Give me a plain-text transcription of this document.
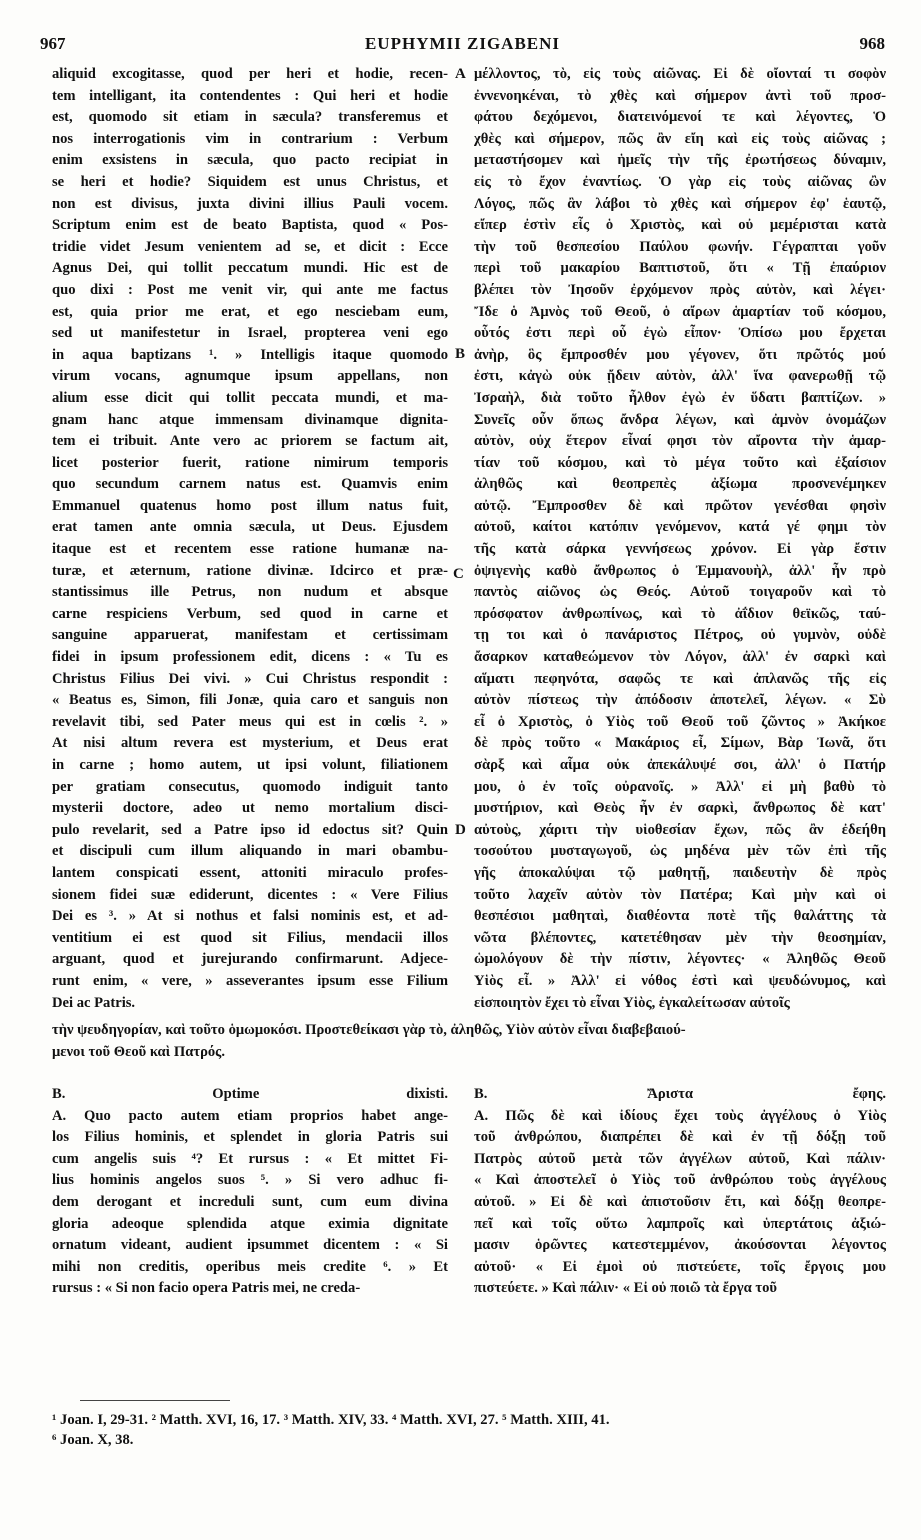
967	EUPHYMII ZIGABENI	968
aliquid excogitasse, quod per heri et hodie, recen-
tem intelligant, ita contendentes : Qui heri et hodie
est, quomodo sit etiam in sæcula? transferemus et
nos interrogationis vim in contrarium : Verbum
enim exsistens in sæcula, quo pacto recipiat in
se heri et hodie? Siquidem est unus Christus, et
non est divisus, juxta divini illius Pauli vocem.
Scriptum enim est de beato Baptista, quod « Pos-
tridie videt Jesum venientem ad se, et dicit : Ecce
Agnus Dei, qui tollit peccatum mundi. Hic est de
quo dixi : Post me venit vir, qui ante me factus
est, quia prior me erat, et ego nesciebam eum,
sed ut manifestetur in Israel, propterea veni ego
in aqua baptizans ¹. » Intelligis itaque quomodo
virum vocans, agnumque ipsum appellans, non
alium esse dicit qui tollit peccata mundi, et ma-
gnam hanc atque immensam divinamque dignita-
tem ei tribuit. Ante vero ac priorem se factum ait,
licet posterior fuerit, ratione nimirum temporis
quo secundum carnem natus est. Quamvis enim
Emmanuel quatenus homo post illum natus fuit,
erat tamen ante omnia sæcula, ut Deus. Ejusdem
itaque est et recentem esse ratione humanæ na-
turæ, et æternum, ratione divinæ. Idcirco et præ-
stantissimus ille Petrus, non nudum et absque
carne respiciens Verbum, sed quod in carne et
sanguine apparuerat, manifestam et certissimam
fidei in ipsum professionem edit, dicens : « Tu es
Christus Filius Dei vivi. » Cui Christus respondit :
« Beatus es, Simon, fili Jonæ, quia caro et sanguis non
revelavit tibi, sed Pater meus qui est in cœlis ². »
At nisi altum revera est mysterium, et Deus erat
in carne ; homo autem, ut ipsi volunt, filiationem
per gratiam consecutus, quomodo indiguit tanto
mysterii doctore, adeo ut nemo mortalium disci-
pulo revelarit, sed a Patre ipso id edoctus sit? Quin
et discipuli cum illum aliquando in mari obambu-
lantem conspicati essent, attoniti miraculo profes-
sionem fidei suæ ediderunt, dicentes : « Vere Filius
Dei es ³. » At si nothus et falsi nominis est, et ad-
ventitium ei est quod sit Filius, mendacii illos
arguant, quod et jurejurando confirmarunt. Adjece-
runt enim, « vere, » asseverantes ipsum esse Filium
Dei ac Patris.
μέλλοντος, τὸ, εἰς τοὺς αἰῶνας. Εἰ δὲ οἴονταί τι σοφὸν
ἐννενοηκέναι, τὸ χθὲς καὶ σήμερον ἀντὶ τοῦ προσ-
φάτου δεχόμενοι, διατεινόμενοί τε καὶ λέγοντες, Ὁ
χθὲς καὶ σήμερον, πῶς ἂν εἴη καὶ εἰς τοὺς αἰῶνας ;
μεταστήσομεν καὶ ἡμεῖς τὴν τῆς ἐρωτήσεως δύναμιν,
εἰς τὸ ἔχον ἐναντίως. Ὁ γὰρ εἰς τοὺς αἰῶνας ὢν
Λόγος, πῶς ἂν λάβοι τὸ χθὲς καὶ σήμερον ἐφ' ἑαυτῷ,
εἴπερ ἐστὶν εἷς ὁ Χριστὸς, καὶ οὐ μεμέρισται κατὰ
τὴν τοῦ θεσπεσίου Παύλου φωνήν. Γέγραπται γοῦν
περὶ τοῦ μακαρίου Βαπτιστοῦ, ὅτι « Τῇ ἐπαύριον
βλέπει τὸν Ἰησοῦν ἐρχόμενον πρὸς αὐτὸν, καὶ λέγει·
Ἴδε ὁ Ἀμνὸς τοῦ Θεοῦ, ὁ αἴρων ἁμαρτίαν τοῦ κόσμου,
οὗτός ἐστι περὶ οὗ ἐγὼ εἶπον· Ὀπίσω μου ἔρχεται
ἀνὴρ, ὃς ἔμπροσθέν μου γέγονεν, ὅτι πρῶτός μού
ἐστι, κἀγὼ οὐκ ᾔδειν αὐτὸν, ἀλλ' ἵνα φανερωθῇ τῷ
Ἰσραὴλ, διὰ τοῦτο ἦλθον ἐγὼ ἐν ὕδατι βαπτίζων. »
Συνεῖς οὖν ὅπως ἄνδρα λέγων, καὶ ἀμνὸν ὀνομάζων
αὐτὸν, οὐχ ἕτερον εἶναί φησι τὸν αἴροντα τὴν ἁμαρ-
τίαν τοῦ κόσμου, καὶ τὸ μέγα τοῦτο καὶ ἐξαίσιον
ἀληθῶς καὶ θεοπρεπὲς ἀξίωμα προσνενέμηκεν
αὐτῷ. Ἔμπροσθεν δὲ καὶ πρῶτον γενέσθαι φησὶν
αὐτοῦ, καίτοι κατόπιν γενόμενον, κατά γέ φημι τὸν
τῆς κατὰ σάρκα γεννήσεως χρόνον. Εἰ γὰρ ἔστιν
ὀψιγενὴς καθὸ ἄνθρωπος ὁ Ἐμμανουὴλ, ἀλλ' ἦν πρὸ
παντὸς αἰῶνος ὡς Θεός. Αὐτοῦ τοιγαροῦν καὶ τὸ
πρόσφατον ἀνθρωπίνως, καὶ τὸ ἀΐδιον θεϊκῶς, ταύ-
τῃ τοι καὶ ὁ πανάριστος Πέτρος, οὐ γυμνὸν, οὐδὲ
ἄσαρκον καταθεώμενον τὸν Λόγον, ἀλλ' ἐν σαρκὶ καὶ
αἵματι πεφηνότα, σαφῶς τε καὶ ἀπλανῶς τῆς εἰς
αὐτὸν πίστεως τὴν ἀπόδοσιν ἀποτελεῖ, λέγων. « Σὺ
εἶ ὁ Χριστὸς, ὁ Υἱὸς τοῦ Θεοῦ τοῦ ζῶντος » Ἀκήκοε
δὲ πρὸς τοῦτο « Μακάριος εἶ, Σίμων, Βὰρ Ἰωνᾶ, ὅτι
σὰρξ καὶ αἷμα οὐκ ἀπεκάλυψέ σοι, ἀλλ' ὁ Πατήρ
μου, ὁ ἐν τοῖς οὐρανοῖς. » Ἀλλ' εἰ μὴ βαθὺ τὸ
μυστήριον, καὶ Θεὸς ἦν ἐν σαρκὶ, ἄνθρωπος δὲ κατ'
αὐτοὺς, χάριτι τὴν υἱοθεσίαν ἔχων, πῶς ἂν ἐδεήθη
τοσούτου μυσταγωγοῦ, ὡς μηδένα μὲν τῶν ἐπὶ τῆς
γῆς ἀποκαλύψαι τῷ μαθητῇ, παιδευτὴν δὲ πρὸς
τοῦτο λαχεῖν αὐτὸν τὸν Πατέρα; Καὶ μὴν καὶ οἱ
θεσπέσιοι μαθηταὶ, διαθέοντα ποτὲ τῆς θαλάττης τὰ
νῶτα βλέποντες, κατετέθησαν μὲν τὴν θεοσημίαν,
ὡμολόγουν δὲ τὴν πίστιν, λέγοντες· « Ἀληθῶς Θεοῦ
Υἱὸς εἶ. » Ἀλλ' εἰ νόθος ἐστὶ καὶ ψευδώνυμος, καὶ
εἰσποιητὸν ἔχει τὸ εἶναι Υἱὸς, ἐγκαλείτωσαν αὐτοῖς
A
B
C
D
τὴν ψευδηγορίαν, καὶ τοῦτο ὁμωμοκόσι. Προστεθείκασι γὰρ τὸ, ἀληθῶς, Υἱὸν αὐτὸν εἶναι διαβεβαιού-
μενοι τοῦ Θεοῦ καὶ Πατρός.
B. Optime dixisti.
A. Quo pacto autem etiam proprios habet ange-
los Filius hominis, et splendet in gloria Patris sui
cum angelis suis ⁴? Et rursus : « Et mittet Fi-
lius hominis angelos suos ⁵. » Si vero adhuc fi-
dem derogant et increduli sunt, cum eum divina
gloria adeoque splendida atque eximia dignitate
ornatum videant, audient ipsummet dicentem : « Si
mihi non creditis, operibus meis credite ⁶. » Et
rursus : « Si non facio opera Patris mei, ne creda-
Β. Ἄριστα ἔφης.
Α. Πῶς δὲ καὶ ἰδίους ἔχει τοὺς ἀγγέλους ὁ Υἱὸς
τοῦ ἀνθρώπου, διαπρέπει δὲ καὶ ἐν τῇ δόξῃ τοῦ
Πατρὸς αὐτοῦ μετὰ τῶν ἀγγέλων αὐτοῦ, Καὶ πάλιν·
« Καὶ ἀποστελεῖ ὁ Υἱὸς τοῦ ἀνθρώπου τοὺς ἀγγέλους
αὐτοῦ. » Εἰ δὲ καὶ ἀπιστοῦσιν ἔτι, καὶ δόξῃ θεοπρε-
πεῖ καὶ τοῖς οὕτω λαμπροῖς καὶ ὑπερτάτοις ἀξιώ-
μασιν ὁρῶντες κατεστεμμένον, ἀκούσονται λέγοντος
αὐτοῦ· « Εἰ ἐμοὶ οὐ πιστεύετε, τοῖς ἔργοις μου
πιστεύετε. » Καὶ πάλιν· « Εἰ οὐ ποιῶ τὰ ἔργα τοῦ
¹ Joan. I, 29-31. ² Matth. XVI, 16, 17. ³ Matth. XIV, 33. ⁴ Matth. XVI, 27. ⁵ Matth. XIII, 41.
⁶ Joan. X, 38.
